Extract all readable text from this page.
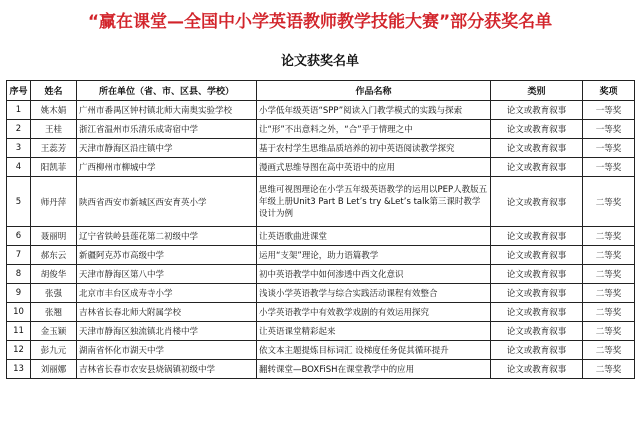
“赢在课堂—全国中小学英语教师教学技能大赛”部分获奖名单
论文获奖名单
序号	姓名	所在单位（省、市、区县、学校）	作品名称	类别	奖项
1	姚木娟	广州市番禺区钟村镇北师大南奥实验学校	小学低年级英语“SPP”阅读入门教学模式的实践与探索	论文或教育叙事	一等奖
2	王桂	浙江省温州市乐清乐成寄宿中学	让“形”不出意料之外，“合”乎于情理之中	论文或教育叙事	一等奖
3	王蕊芳	天津市静海区沿庄镇中学	基于农村学生思维品质培养的初中英语阅读教学探究	论文或教育叙事	一等奖
4	阳凯菲	广西柳州市柳城中学	漫画式思维导图在高中英语中的应用	论文或教育叙事	一等奖
5	师丹萍	陕西省西安市新城区西安育英小学	思维可视图理论在小学五年级英语教学的运用以PEP人教版五年级上册Unit3 Part B Let’s try &Let’s talk第三课时教学设计为例	论文或教育叙事	二等奖
6	聂丽明	辽宁省铁岭县莲花第二初级中学	让英语歌曲进课堂	论文或教育叙事	二等奖
7	郝东云	新疆阿克苏市高级中学	运用“支架”理论，助力语篇教学	论文或教育叙事	二等奖
8	胡俊华	天津市静海区第八中学	初中英语教学中如何渗透中西文化意识	论文或教育叙事	二等奖
9	张强	北京市丰台区成寿寺小学	浅谈小学英语教学与综合实践活动课程有效整合	论文或教育叙事	二等奖
10	张翘	吉林省长春北师大附属学校	小学英语教学中有效教学戏剧的有效运用探究	论文或教育叙事	二等奖
11	金玉颖	天津市静海区独流镇北肖楼中学	让英语课堂精彩起来	论文或教育叙事	二等奖
12	彭九元	湖南省怀化市湖天中学	依文本主题提炼目标词汇 设梯度任务促其循环提升	论文或教育叙事	二等奖
13	刘丽娜	吉林省长春市农安县烧锅镇初级中学	翻转课堂—BOXFiSH在课堂教学中的应用	论文或教育叙事	二等奖
